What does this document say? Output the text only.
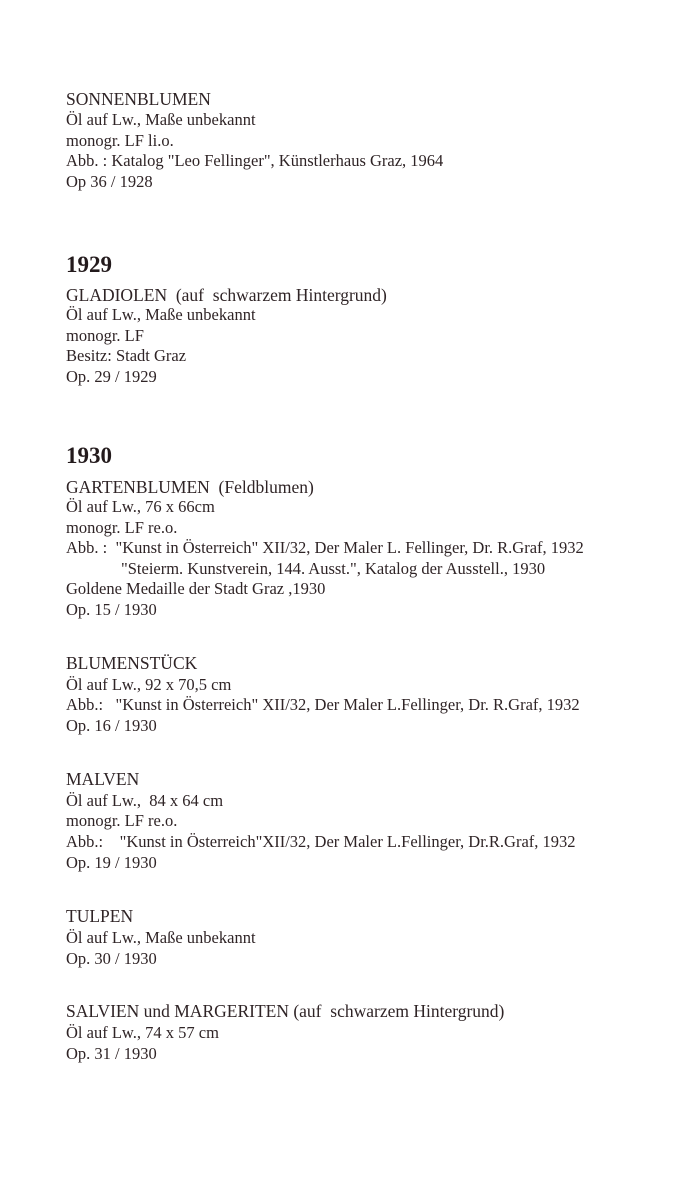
SONNENBLUMEN
Öl auf Lw., Maße unbekannt
monogr. LF li.o.
Abb. : Katalog "Leo Fellinger", Künstlerhaus Graz, 1964
Op 36 / 1928
1929
GLADIOLEN  (auf  schwarzem Hintergrund)
Öl auf Lw., Maße unbekannt
monogr. LF
Besitz: Stadt Graz
Op. 29 / 1929
1930
GARTENBLUMEN  (Feldblumen)
Öl auf Lw., 76 x 66cm
monogr. LF re.o.
Abb. :  "Kunst in Österreich" XII/32, Der Maler L. Fellinger, Dr. R.Graf, 1932
"Steierm. Kunstverein, 144. Ausst.", Katalog der Ausstell., 1930
Goldene Medaille der Stadt Graz ,1930
Op. 15 / 1930
BLUMENSTÜCK
Öl auf Lw., 92 x 70,5 cm
Abb.:   "Kunst in Österreich" XII/32, Der Maler L.Fellinger, Dr. R.Graf, 1932
Op. 16 / 1930
MALVEN
Öl auf Lw.,  84 x 64 cm
monogr. LF re.o.
Abb.:    "Kunst in Österreich"XII/32, Der Maler L.Fellinger, Dr.R.Graf, 1932
Op. 19 / 1930
TULPEN
Öl auf Lw., Maße unbekannt
Op. 30 / 1930
SALVIEN und MARGERITEN (auf  schwarzem Hintergrund)
Öl auf Lw., 74 x 57 cm
Op. 31 / 1930
